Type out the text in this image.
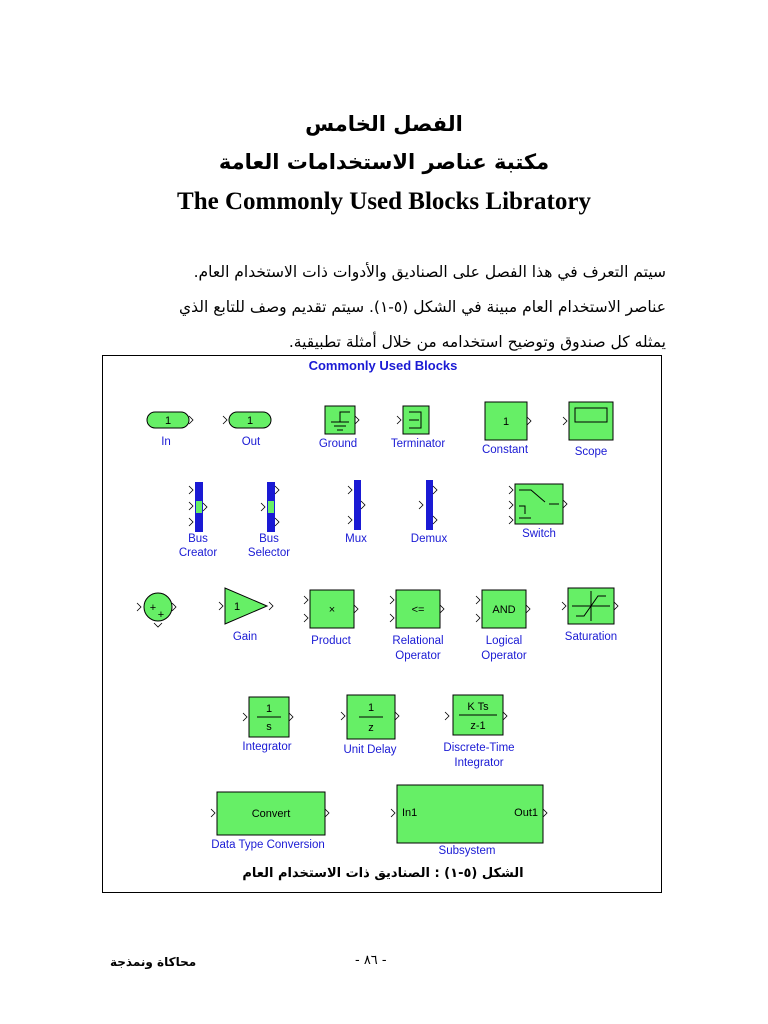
الفصل الخامس
مكتبة عناصر الاستخدامات العامة
The Commonly Used Blocks Libratory
سيتم التعرف في هذا الفصل على الصناديق والأدوات ذات الاستخدام العام.
عناصر الاستخدام العام مبينة في الشكل (٥-١). سيتم تقديم وصف للتابع الذي
يمثله كل صندوق وتوضيح استخدامه من خلال أمثلة تطبيقية.
Commonly Used Blocks
1
In
1
Out	Ground	Terminator
1
Constant	Scope
Bus
Creator
Bus
Selector
Mux	Demux	Switch
+
+
1
Gain
×
Product
<=
Relational
Operator
AND
Logical
Operator
Saturation
1
s
Integrator
1
z
Unit Delay
K Ts
z-1
Discrete-Time
Integrator
Convert
Data Type Conversion
In1	Out1
Subsystem
الشكل (٥-١) : الصناديق ذات الاستخدام العام
محاكاة ونمذجة	- ٨٦ -
